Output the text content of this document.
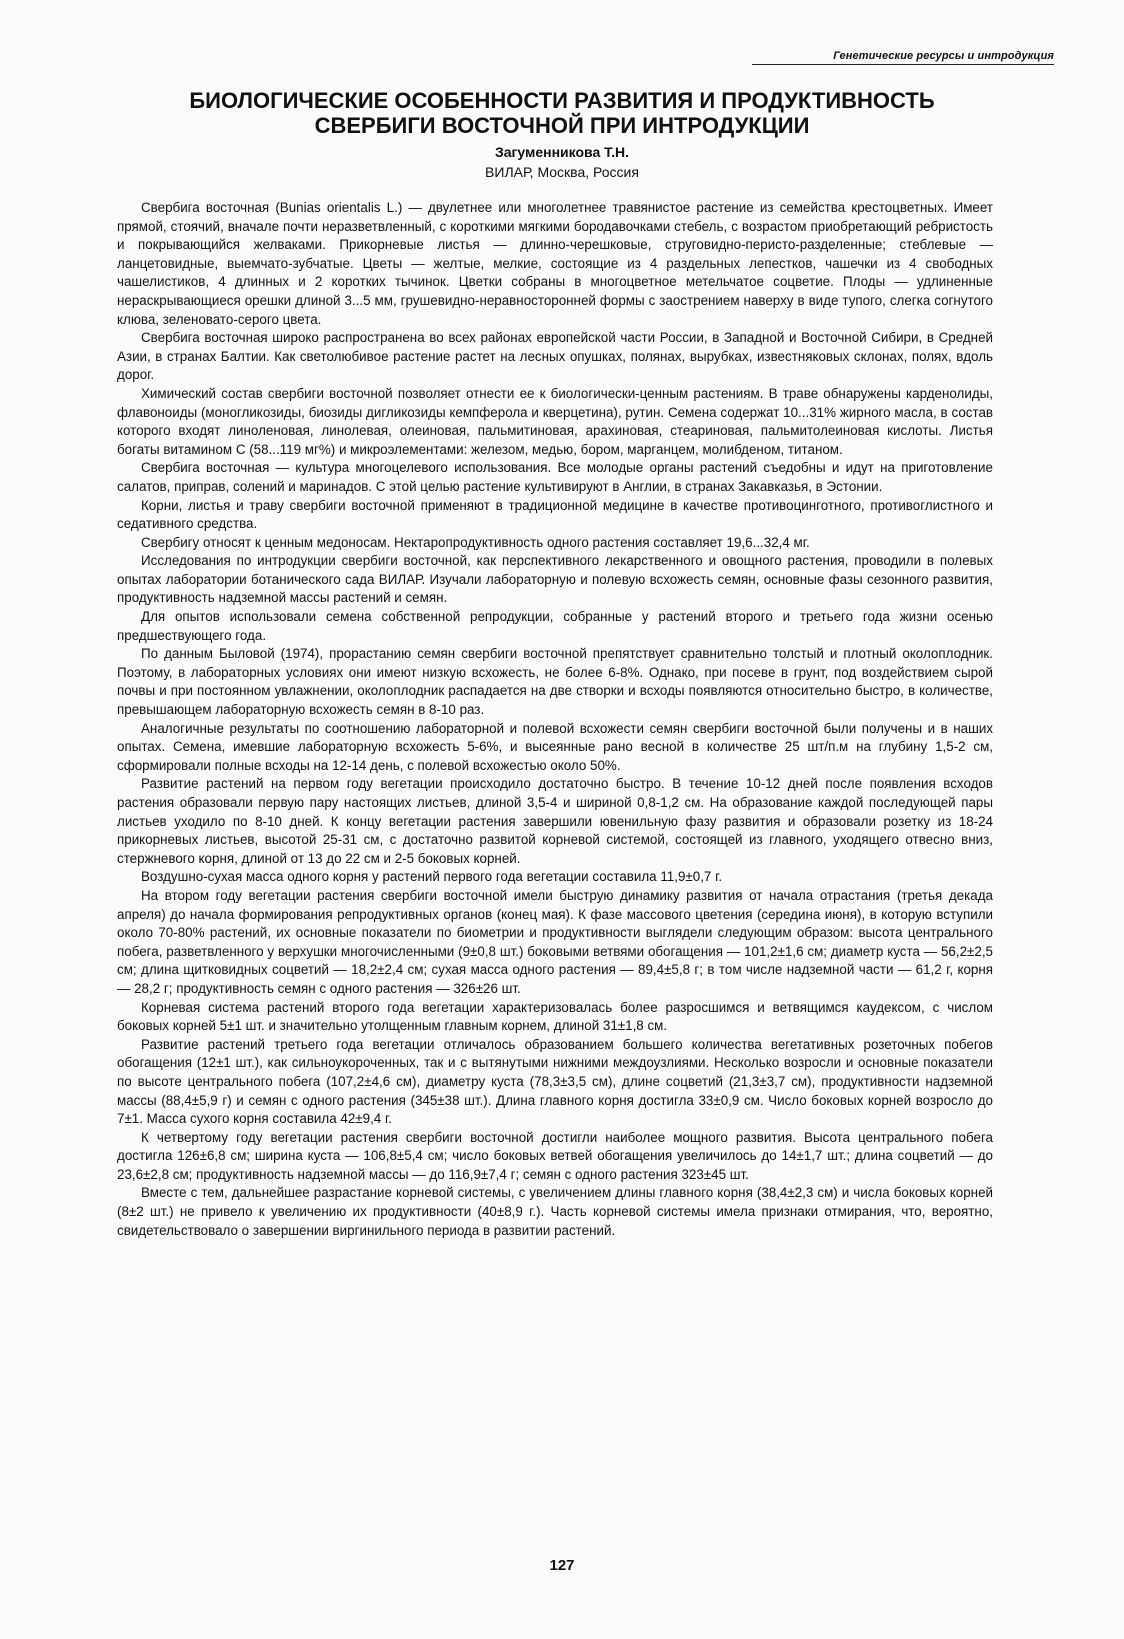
Генетические ресурсы и интродукция
БИОЛОГИЧЕСКИЕ ОСОБЕННОСТИ РАЗВИТИЯ И ПРОДУКТИВНОСТЬ
СВЕРБИГИ ВОСТОЧНОЙ ПРИ ИНТРОДУКЦИИ
Загуменникова Т.Н.
ВИЛАР, Москва, Россия

Свербига восточная (Bunias orientalis L.) — двулетнее или многолетнее травянистое растение из семейства крестоцветных. Имеет прямой, стоячий, вначале почти неразветвленный, с короткими мягкими бородавочками стебель, с возрастом приобретающий ребристость и покрывающийся желваками. Прикорневые листья — длинно-черешковые, струговидно-перисто-разделенные; стеблевые — ланцетовидные, выемчато-зубчатые. Цветы — желтые, мелкие, состоящие из 4 раздельных лепестков, чашечки из 4 свободных чашелистиков, 4 длинных и 2 коротких тычинок. Цветки собраны в многоцветное метельчатое соцветие. Плоды — удлиненные нераскрывающиеся орешки длиной 3...5 мм, грушевидно-неравносторонней формы с заострением наверху в виде тупого, слегка согнутого клюва, зеленовато-серого цвета.

Свербига восточная широко распространена во всех районах европейской части России, в Западной и Восточной Сибири, в Средней Азии, в странах Балтии. Как светолюбивое растение растет на лесных опушках, полянах, вырубках, известняковых склонах, полях, вдоль дорог.

Химический состав свербиги восточной позволяет отнести ее к биологически-ценным растениям. В траве обнаружены карденолиды, флавоноиды (моногликозиды, биозиды дигликозиды кемпферола и кверцетина), рутин. Семена содержат 10...31% жирного масла, в состав которого входят линоленовая, линолевая, олеиновая, пальмитиновая, арахиновая, стеариновая, пальмитолеиновая кислоты. Листья богаты витамином С (58...119 мг%) и микроэлементами: железом, медью, бором, марганцем, молибденом, титаном.

Свербига восточная — культура многоцелевого использования. Все молодые органы растений съедобны и идут на приготовление салатов, приправ, солений и маринадов. С этой целью растение культивируют в Англии, в странах Закавказья, в Эстонии.

Корни, листья и траву свербиги восточной применяют в традиционной медицине в качестве противоцинготного, противоглистного и седативного средства.

Свербигу относят к ценным медоносам. Нектаропродуктивность одного растения составляет 19,6...32,4 мг.

Исследования по интродукции свербиги восточной, как перспективного лекарственного и овощного растения, проводили в полевых опытах лаборатории ботанического сада ВИЛАР. Изучали лабораторную и полевую всхожесть семян, основные фазы сезонного развития, продуктивность надземной массы растений и семян.

Для опытов использовали семена собственной репродукции, собранные у растений второго и третьего года жизни осенью предшествующего года.

По данным Быловой (1974), прорастанию семян свербиги восточной препятствует сравнительно толстый и плотный околоплодник. Поэтому, в лабораторных условиях они имеют низкую всхожесть, не более 6-8%. Однако, при посеве в грунт, под воздействием сырой почвы и при постоянном увлажнении, околоплодник распадается на две створки и всходы появляются относительно быстро, в количестве, превышающем лабораторную всхожесть семян в 8-10 раз.

Аналогичные результаты по соотношению лабораторной и полевой всхожести семян свербиги восточной были получены и в наших опытах. Семена, имевшие лабораторную всхожесть 5-6%, и высеянные рано весной в количестве 25 шт/п.м на глубину 1,5-2 см, сформировали полные всходы на 12-14 день, с полевой всхожестью около 50%.

Развитие растений на первом году вегетации происходило достаточно быстро. В течение 10-12 дней после появления всходов растения образовали первую пару настоящих листьев, длиной 3,5-4 и шириной 0,8-1,2 см. На образование каждой последующей пары листьев уходило по 8-10 дней. К концу вегетации растения завершили ювенильную фазу развития и образовали розетку из 18-24 прикорневых листьев, высотой 25-31 см, с достаточно развитой корневой системой, состоящей из главного, уходящего отвесно вниз, стержневого корня, длиной от 13 до 22 см и 2-5 боковых корней.

Воздушно-сухая масса одного корня у растений первого года вегетации составила 11,9±0,7 г.

На втором году вегетации растения свербиги восточной имели быструю динамику развития от начала отрастания (третья декада апреля) до начала формирования репродуктивных органов (конец мая). К фазе массового цветения (середина июня), в которую вступили около 70-80% растений, их основные показатели по биометрии и продуктивности выглядели следующим образом: высота центрального побега, разветвленного у верхушки многочисленными (9±0,8 шт.) боковыми ветвями обогащения — 101,2±1,6 см; диаметр куста — 56,2±2,5 см; длина щитковидных соцветий — 18,2±2,4 см; сухая масса одного растения — 89,4±5,8 г; в том числе надземной части — 61,2 г, корня — 28,2 г; продуктивность семян с одного растения — 326±26 шт.

Корневая система растений второго года вегетации характеризовалась более разросшимся и ветвящимся каудексом, с числом боковых корней 5±1 шт. и значительно утолщенным главным корнем, длиной 31±1,8 см.

Развитие растений третьего года вегетации отличалось образованием большего количества вегетативных розеточных побегов обогащения (12±1 шт.), как сильноукороченных, так и с вытянутыми нижними междоузлиями. Несколько возросли и основные показатели по высоте центрального побега (107,2±4,6 см), диаметру куста (78,3±3,5 см), длине соцветий (21,3±3,7 см), продуктивности надземной массы (88,4±5,9 г) и семян с одного растения (345±38 шт.). Длина главного корня достигла 33±0,9 см. Число боковых корней возросло до 7±1. Масса сухого корня составила 42±9,4 г.

К четвертому году вегетации растения свербиги восточной достигли наиболее мощного развития. Высота центрального побега достигла 126±6,8 см; ширина куста — 106,8±5,4 см; число боковых ветвей обогащения увеличилось до 14±1,7 шт.; длина соцветий — до 23,6±2,8 см; продуктивность надземной массы — до 116,9±7,4 г; семян с одного растения 323±45 шт.

Вместе с тем, дальнейшее разрастание корневой системы, с увеличением длины главного корня (38,4±2,3 см) и числа боковых корней (8±2 шт.) не привело к увеличению их продуктивности (40±8,9 г.). Часть корневой системы имела признаки отмирания, что, вероятно, свидетельствовало о завершении виргинильного периода в развитии растений.

127
